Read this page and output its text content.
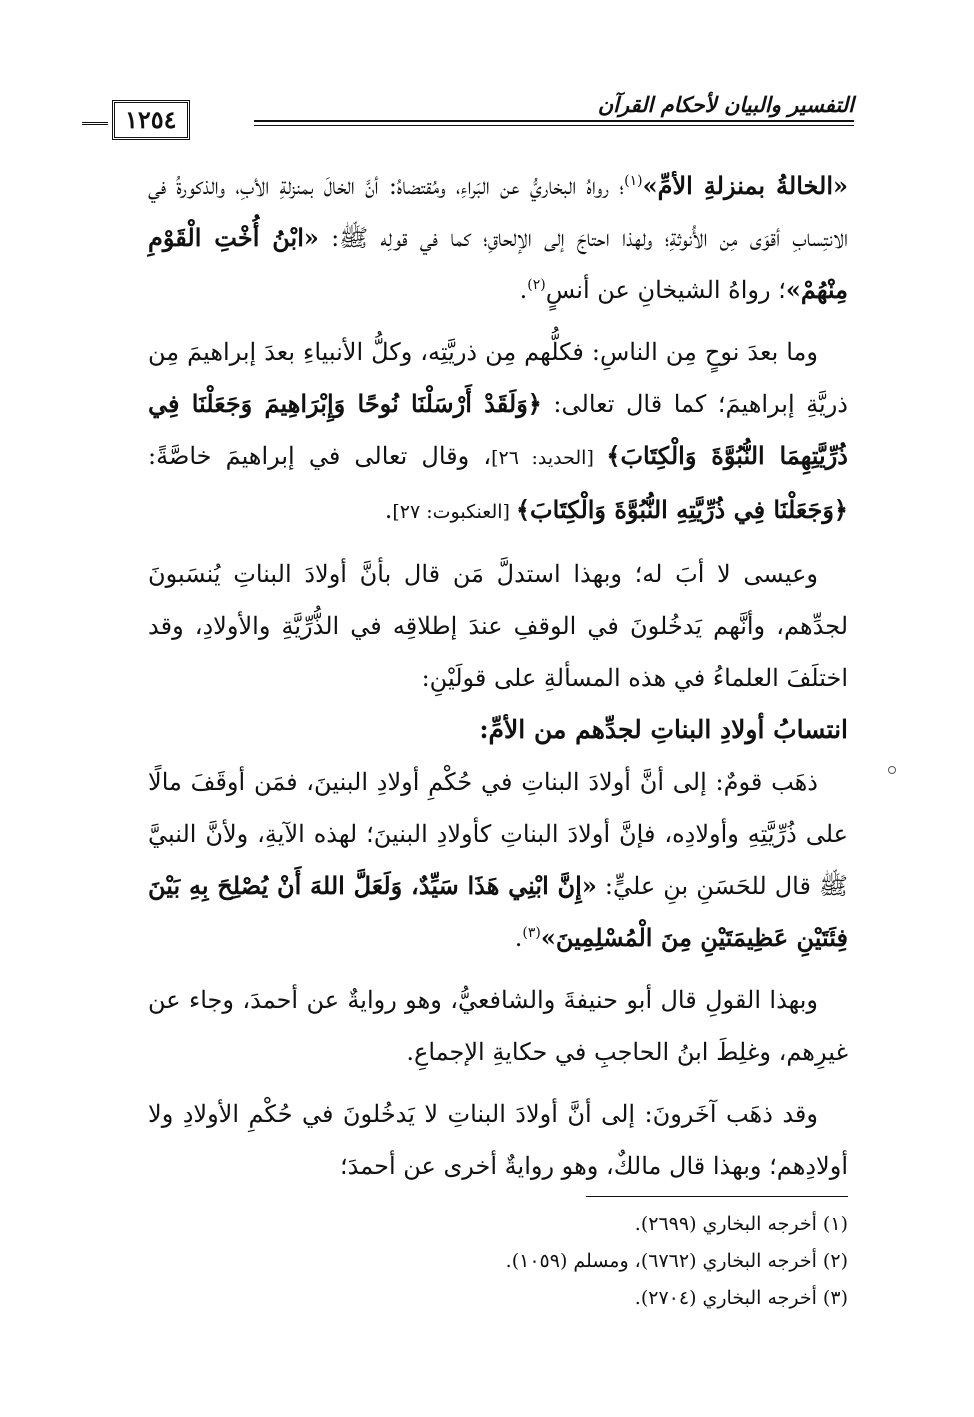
١٢٥٤
التفسير والبيان لأحكام القرآن

«الخالةُ بمنزلةِ الأمِّ»$^{(١)}$؛ رواهُ البخاريُّ عن البَراءِ، ومُقتضاهُ: أنَّ الخالَ بمنزلةِ الأبِ، والذكورةُ في الانتِسابِ أقوَى مِن الأُنوثةِ؛ ولهذا احتاجَ إلى الإلحاقِ؛ كما في قولِه ﷺ: «ابْنُ أُخْتِ الْقَوْمِ مِنْهُمْ»؛ رواهُ الشيخانِ عن أنسٍ$^{(٢)}$.

وما بعدَ نوحٍ مِن الناسِ: فكلُّهم مِن ذريَّتِه، وكلُّ الأنبياءِ بعدَ إبراهيمَ مِن ذريَّةِ إبراهيمَ؛ كما قال تعالى: ﴿وَلَقَدْ أَرْسَلْنَا نُوحًا وَإِبْرَاهِيمَ وَجَعَلْنَا فِي ذُرِّيَّتِهِمَا النُّبُوَّةَ وَالْكِتَابَ﴾ [الحديد: ٢٦]، وقال تعالى في إبراهيمَ خاصَّةً: ﴿وَجَعَلْنَا فِي ذُرِّيَّتِهِ النُّبُوَّةَ وَالْكِتَابَ﴾ [العنكبوت: ٢٧].

وعيسى لا أبَ له؛ وبهذا استدلَّ مَن قال بأنَّ أولادَ البناتِ يُنسَبونَ لجدِّهم، وأنَّهم يَدخُلونَ في الوقفِ عندَ إطلاقِه في الذُّرِّيَّةِ والأولادِ، وقد اختلَفَ العلماءُ في هذه المسألةِ على قولَيْنِ:

انتسابُ أولادِ البناتِ لجدِّهم من الأمِّ:

ذهَب قومٌ: إلى أنَّ أولادَ البناتِ في حُكْمِ أولادِ البنينَ، فمَن أوقَفَ مالًا على ذُرِّيَّتِهِ وأولادِه، فإنَّ أولادَ البناتِ كأولادِ البنينَ؛ لهذه الآيةِ، ولأنَّ النبيَّ ﷺ قال للحَسَنِ بنِ عليٍّ: «إِنَّ ابْنِي هَذَا سَيِّدٌ، وَلَعَلَّ اللهَ أَنْ يُصْلِحَ بِهِ بَيْنَ فِئَتَيْنِ عَظِيمَتَيْنِ مِنَ الْمُسْلِمِينَ»$^{(٣)}$.

وبهذا القولِ قال أبو حنيفةَ والشافعيُّ، وهو روايةٌ عن أحمدَ، وجاء عن غيرِهم، وغلِطَ ابنُ الحاجبِ في حكايةِ الإجماعِ.

وقد ذهَب آخَرونَ: إلى أنَّ أولادَ البناتِ لا يَدخُلونَ في حُكْمِ الأولادِ ولا أولادِهم؛ وبهذا قال مالكٌ، وهو روايةٌ أخرى عن أحمدَ؛

(١) أخرجه البخاري (٢٦٩٩).
(٢) أخرجه البخاري (٦٧٦٢)، ومسلم (١٠٥٩).
(٣) أخرجه البخاري (٢٧٠٤).
